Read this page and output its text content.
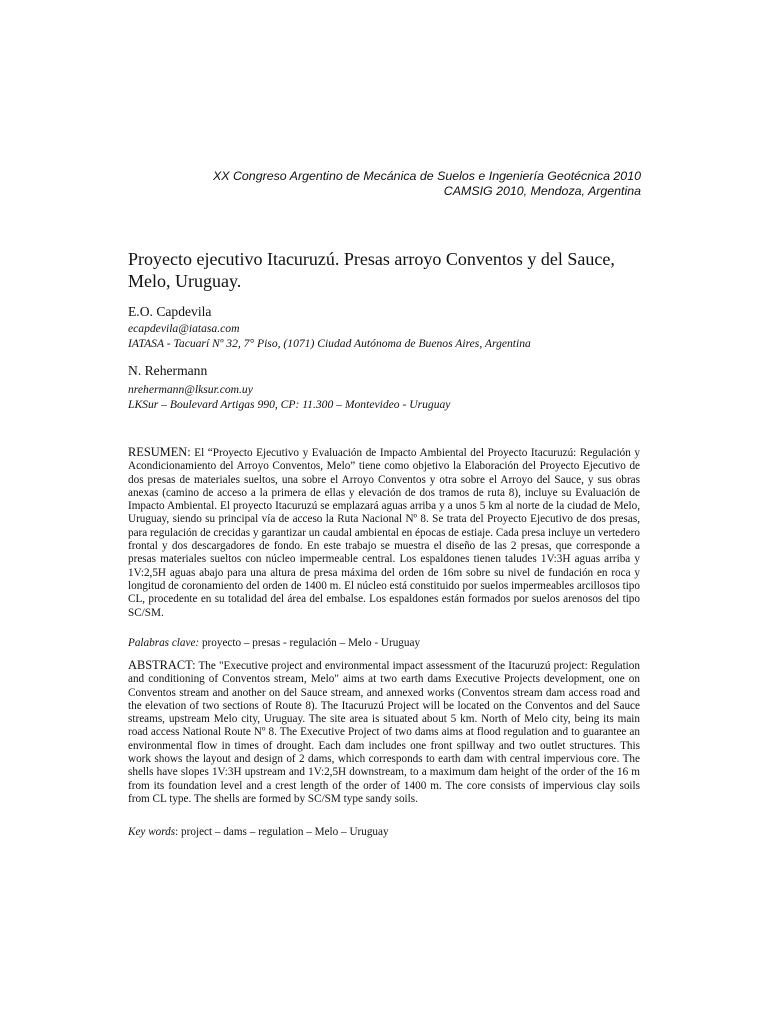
XX Congreso Argentino de Mecánica de Suelos e Ingeniería Geotécnica 2010
CAMSIG 2010, Mendoza, Argentina
Proyecto ejecutivo Itacuruzú. Presas arroyo Conventos y del Sauce, Melo, Uruguay.
E.O. Capdevila
ecapdevila@iatasa.com
IATASA - Tacuarí Nº 32, 7° Piso, (1071) Ciudad Autónoma de Buenos Aires, Argentina
N. Rehermann
nrehermann@lksur.com.uy
LKSur – Boulevard Artigas 990, CP: 11.300 – Montevideo - Uruguay
RESUMEN: El “Proyecto Ejecutivo y Evaluación de Impacto Ambiental del Proyecto Itacuruzú: Regulación y Acondicionamiento del Arroyo Conventos, Melo” tiene como objetivo la Elaboración del Proyecto Ejecutivo de dos presas de materiales sueltos, una sobre el Arroyo Conventos y otra sobre el Arroyo del Sauce, y sus obras anexas (camino de acceso a la primera de ellas y elevación de dos tramos de ruta 8), incluye su Evaluación de Impacto Ambiental. El proyecto Itacuruzú se emplazará aguas arriba y a unos 5 km al norte de la ciudad de Melo, Uruguay, siendo su principal vía de acceso la Ruta Nacional Nº 8. Se trata del Proyecto Ejecutivo de dos presas, para regulación de crecidas y garantizar un caudal ambiental en épocas de estiaje. Cada presa incluye un vertedero frontal y dos descargadores de fondo. En este trabajo se muestra el diseño de las 2 presas, que corresponde a presas materiales sueltos con núcleo impermeable central. Los espaldones tienen taludes 1V:3H aguas arriba y 1V:2,5H aguas abajo para una altura de presa máxima del orden de 16m sobre su nivel de fundación en roca y longitud de coronamiento del orden de 1400 m. El núcleo está constituido por suelos impermeables arcillosos tipo CL, procedente en su totalidad del área del embalse. Los espaldones están formados por suelos arenosos del tipo SC/SM.
Palabras clave: proyecto – presas - regulación – Melo - Uruguay
ABSTRACT: The "Executive project and environmental impact assessment of the Itacuruzú project: Regulation and conditioning of Conventos stream, Melo" aims at two earth dams Executive Projects development, one on Conventos stream and another on del Sauce stream, and annexed works (Conventos stream dam access road and the elevation of two sections of Route 8). The Itacuruzú Project will be located on the Conventos and del Sauce streams, upstream Melo city, Uruguay. The site area is situated about 5 km. North of Melo city, being its main road access National Route Nº 8. The Executive Project of two dams aims at flood regulation and to guarantee an environmental flow in times of drought. Each dam includes one front spillway and two outlet structures. This work shows the layout and design of 2 dams, which corresponds to earth dam with central impervious core. The shells have slopes 1V:3H upstream and 1V:2,5H downstream, to a maximum dam height of the order of the 16 m from its foundation level and a crest length of the order of 1400 m. The core consists of impervious clay soils from CL type. The shells are formed by SC/SM type sandy soils.
Key words: project – dams – regulation – Melo – Uruguay
